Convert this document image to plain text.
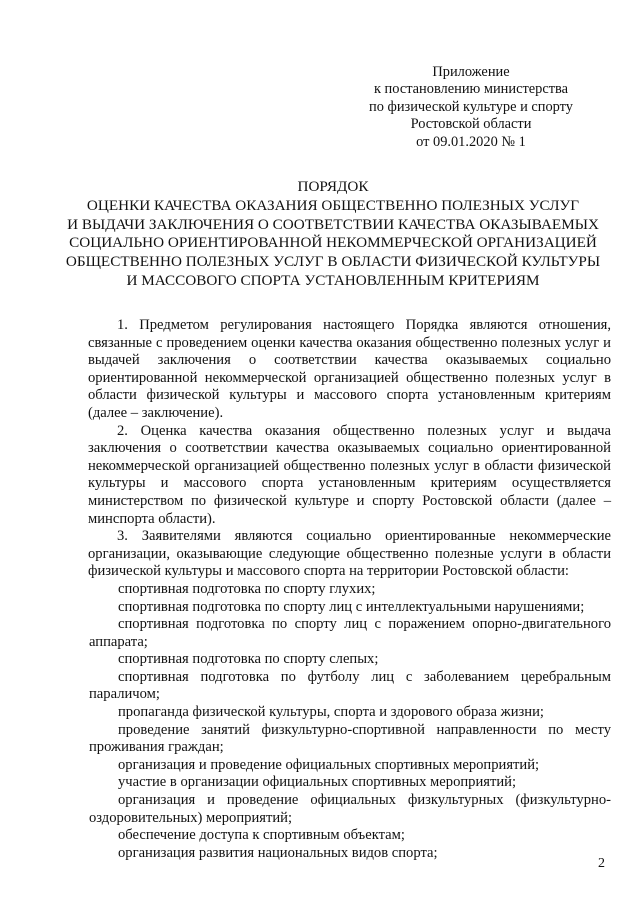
Приложение
к постановлению министерства
по физической культуре и спорту
Ростовской области
от 09.01.2020 № 1
ПОРЯДОК
ОЦЕНКИ КАЧЕСТВА ОКАЗАНИЯ ОБЩЕСТВЕННО ПОЛЕЗНЫХ УСЛУГ
И ВЫДАЧИ ЗАКЛЮЧЕНИЯ О СООТВЕТСТВИИ КАЧЕСТВА ОКАЗЫВАЕМЫХ
СОЦИАЛЬНО ОРИЕНТИРОВАННОЙ НЕКОММЕРЧЕСКОЙ ОРГАНИЗАЦИЕЙ
ОБЩЕСТВЕННО ПОЛЕЗНЫХ УСЛУГ В ОБЛАСТИ ФИЗИЧЕСКОЙ КУЛЬТУРЫ
И МАССОВОГО СПОРТА УСТАНОВЛЕННЫМ КРИТЕРИЯМ

1. Предметом регулирования настоящего Порядка являются отношения, связанные с проведением оценки качества оказания общественно полезных услуг и выдачей заключения о соответствии качества оказываемых социально ориентированной некоммерческой организацией общественно полезных услуг в области физической культуры и массового спорта установленным критериям (далее – заключение).

2. Оценка качества оказания общественно полезных услуг и выдача заключения о соответствии качества оказываемых социально ориентированной некоммерческой организацией общественно полезных услуг в области физической культуры и массового спорта установленным критериям осуществляется министерством по физической культуре и спорту Ростовской области (далее – минспорта области).

3. Заявителями являются социально ориентированные некоммерческие организации, оказывающие следующие общественно полезные услуги в области физической культуры и массового спорта на территории Ростовской области:

спортивная подготовка по спорту глухих;

спортивная подготовка по спорту лиц с интеллектуальными нарушениями;

спортивная подготовка по спорту лиц с поражением опорно-двигательного аппарата;

спортивная подготовка по спорту слепых;

спортивная подготовка по футболу лиц с заболеванием церебральным параличом;

пропаганда физической культуры, спорта и здорового образа жизни;

проведение занятий физкультурно-спортивной направленности по месту проживания граждан;

организация и проведение официальных спортивных мероприятий;

участие в организации официальных спортивных мероприятий;

организация и проведение официальных физкультурных (физкультурно-оздоровительных) мероприятий;

обеспечение доступа к спортивным объектам;

организация развития национальных видов спорта;

2
